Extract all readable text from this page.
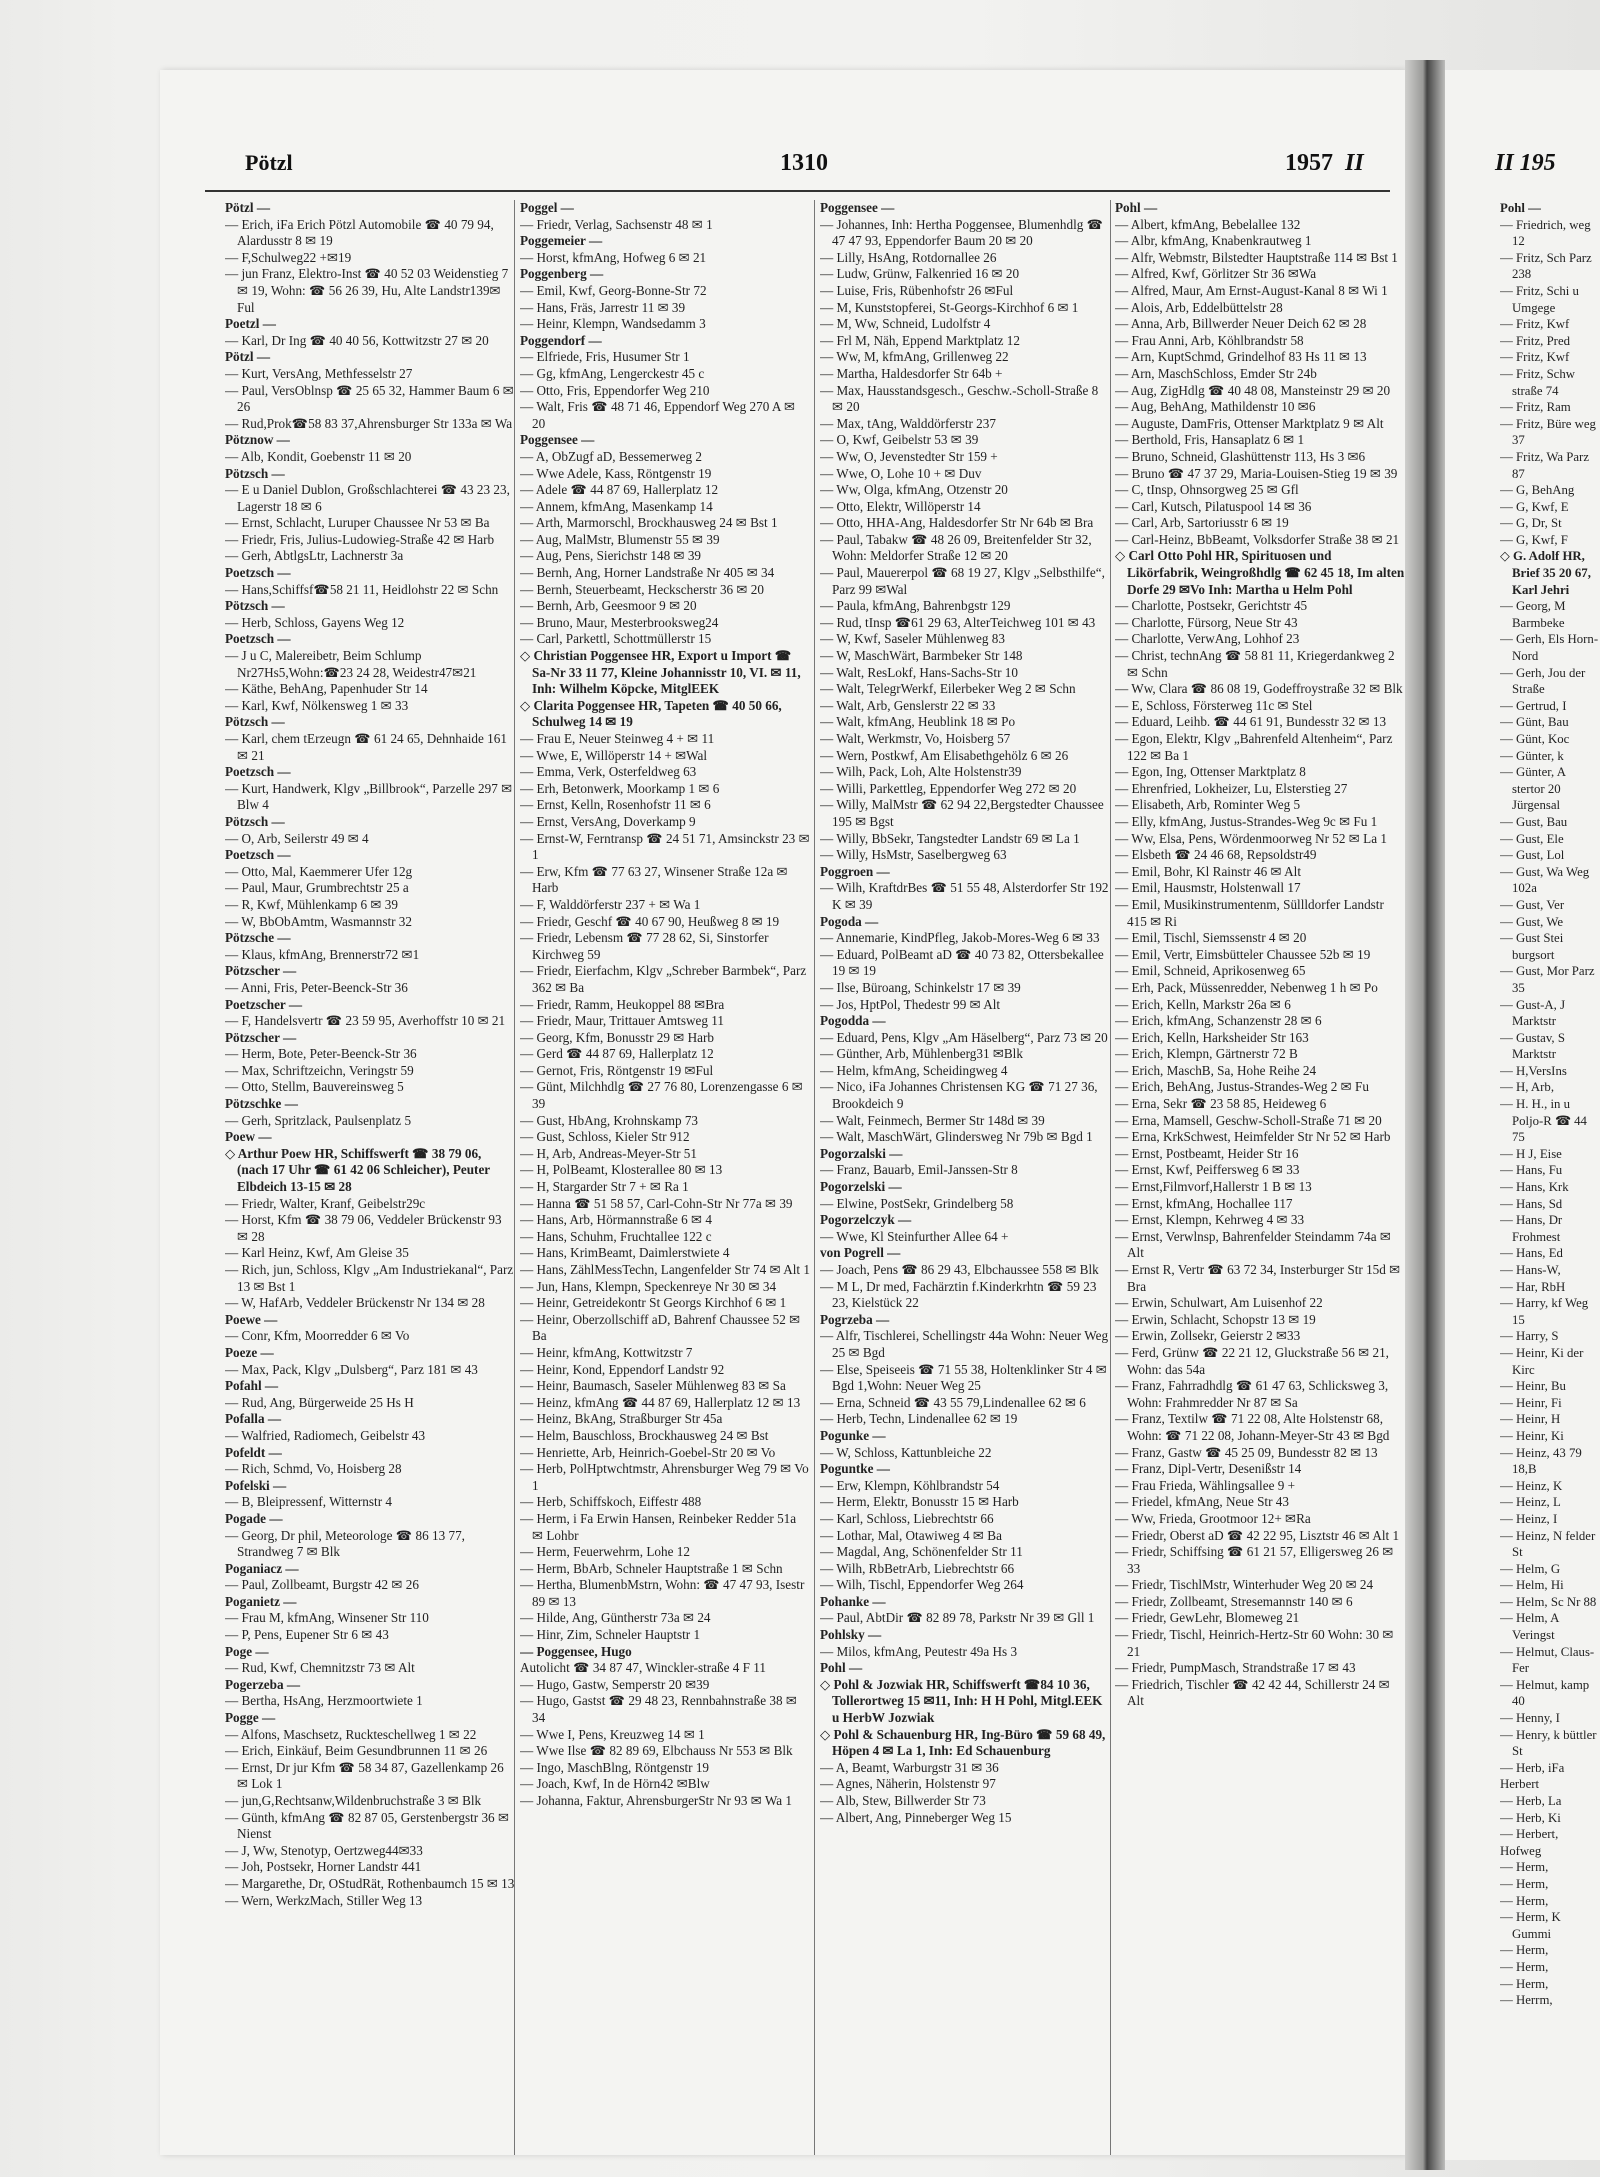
Pötzl	1310	1957 II	II 195

Pötzl —

— Erich, iFa Erich Pötzl Automobile ☎ 40 79 94, Alardusstr 8 ✉ 19

— F,Schulweg22 +✉19

— jun Franz, Elektro-Inst ☎ 40 52 03 Weidenstieg 7 ✉ 19, Wohn: ☎ 56 26 39, Hu, Alte Landstr139✉Ful

Poetzl —

— Karl, Dr Ing ☎ 40 40 56, Kottwitzstr 27 ✉ 20

Pötzl —

— Kurt, VersAng, Methfesselstr 27

— Paul, VersOblnsp ☎ 25 65 32, Hammer Baum 6 ✉ 26

— Rud,Prok☎58 83 37,Ahrensburger Str 133a ✉ Wa

Pötznow —

— Alb, Kondit, Goebenstr 11 ✉ 20

Pötzsch —

— E u Daniel Dublon, Großschlachterei ☎ 43 23 23, Lagerstr 18 ✉ 6

— Ernst, Schlacht, Luruper Chaussee Nr 53 ✉ Ba

— Friedr, Fris, Julius-Ludowieg-Straße 42 ✉ Harb

— Gerh, AbtlgsLtr, Lachnerstr 3a

Poetzsch —

— Hans,Schiffsf☎58 21 11, Heidlohstr 22 ✉ Schn

Pötzsch —

— Herb, Schloss, Gayens Weg 12

Poetzsch —

— J u C, Malereibetr, Beim Schlump Nr27Hs5,Wohn:☎23 24 28, Weidestr47✉21

— Käthe, BehAng, Papenhuder Str 14

— Karl, Kwf, Nölkensweg 1 ✉ 33

Pötzsch —

— Karl, chem tErzeugn ☎ 61 24 65, Dehnhaide 161 ✉ 21

Poetzsch —

— Kurt, Handwerk, Klgv „Billbrook“, Parzelle 297 ✉ Blw 4

Pötzsch —

— O, Arb, Seilerstr 49 ✉ 4

Poetzsch —

— Otto, Mal, Kaemmerer Ufer 12g

— Paul, Maur, Grumbrechtstr 25 a

— R, Kwf, Mühlenkamp 6 ✉ 39

— W, BbObAmtm, Wasmannstr 32

Pötzsche —

— Klaus, kfmAng, Brennerstr72 ✉1

Pötzscher —

— Anni, Fris, Peter-Beenck-Str 36

Poetzscher —

— F, Handelsvertr ☎ 23 59 95, Averhoffstr 10 ✉ 21

Pötzscher —

— Herm, Bote, Peter-Beenck-Str 36

— Max, Schriftzeichn, Veringstr 59

— Otto, Stellm, Bauvereinsweg 5

Pötzschke —

— Gerh, Spritzlack, Paulsenplatz 5

Poew —

◇ Arthur Poew HR, Schiffswerft ☎ 38 79 06, (nach 17 Uhr ☎ 61 42 06 Schleicher), Peuter Elbdeich 13-15 ✉ 28

— Friedr, Walter, Kranf, Geibelstr29c

— Horst, Kfm ☎ 38 79 06, Veddeler Brückenstr 93 ✉ 28

— Karl Heinz, Kwf, Am Gleise 35

— Rich, jun, Schloss, Klgv „Am Industriekanal“, Parz 13 ✉ Bst 1

— W, HafArb, Veddeler Brückenstr Nr 134 ✉ 28

Poewe —

— Conr, Kfm, Moorredder 6 ✉ Vo

Poeze —

— Max, Pack, Klgv „Dulsberg“, Parz 181 ✉ 43

Pofahl —

— Rud, Ang, Bürgerweide 25 Hs H

Pofalla —

— Walfried, Radiomech, Geibelstr 43

Pofeldt —

— Rich, Schmd, Vo, Hoisberg 28

Pofelski —

— B, Bleipressenf, Witternstr 4

Pogade —

— Georg, Dr phil, Meteorologe ☎ 86 13 77, Strandweg 7 ✉ Blk

Poganiacz —

— Paul, Zollbeamt, Burgstr 42 ✉ 26

Poganietz —

— Frau M, kfmAng, Winsener Str 110

— P, Pens, Eupener Str 6 ✉ 43

Poge —

— Rud, Kwf, Chemnitzstr 73 ✉ Alt

Pogerzeba —

— Bertha, HsAng, Herzmoortwiete 1

Pogge —

— Alfons, Maschsetz, Ruckteschellweg 1 ✉ 22

— Erich, Einkäuf, Beim Gesundbrunnen 11 ✉ 26

— Ernst, Dr jur Kfm ☎ 58 34 87, Gazellenkamp 26 ✉ Lok 1

— jun,G,Rechtsanw,Wildenbruchstraße 3 ✉ Blk

— Günth, kfmAng ☎ 82 87 05, Gerstenbergstr 36 ✉ Nienst

— J, Ww, Stenotyp, Oertzweg44✉33

— Joh, Postsekr, Horner Landstr 441

— Margarethe, Dr, OStudRät, Rothenbaumch 15 ✉ 13

— Wern, WerkzMach, Stiller Weg 13

Poggel —

— Friedr, Verlag, Sachsenstr 48 ✉ 1

Poggemeier —

— Horst, kfmAng, Hofweg 6 ✉ 21

Poggenberg —

— Emil, Kwf, Georg-Bonne-Str 72

— Hans, Fräs, Jarrestr 11 ✉ 39

— Heinr, Klempn, Wandsedamm 3

Poggendorf —

— Elfriede, Fris, Husumer Str 1

— Gg, kfmAng, Lengerckestr 45 c

— Otto, Fris, Eppendorfer Weg 210

— Walt, Fris ☎ 48 71 46, Eppendorf Weg 270 A ✉ 20

Poggensee —

— A, ObZugf aD, Bessemerweg 2

— Wwe Adele, Kass, Röntgenstr 19

— Adele ☎ 44 87 69, Hallerplatz 12

— Annem, kfmAng, Masenkamp 14

— Arth, Marmorschl, Brockhausweg 24 ✉ Bst 1

— Aug, MalMstr, Blumenstr 55 ✉ 39

— Aug, Pens, Sierichstr 148 ✉ 39

— Bernh, Ang, Horner Landstraße Nr 405 ✉ 34

— Bernh, Steuerbeamt, Heckscherstr 36 ✉ 20

— Bernh, Arb, Geesmoor 9 ✉ 20

— Bruno, Maur, Mesterbrooksweg24

— Carl, Parkettl, Schottmüllerstr 15

◇ Christian Poggensee HR, Export u Import ☎ Sa-Nr 33 11 77, Kleine Johannisstr 10, VI. ✉ 11, Inh: Wilhelm Köpcke, MitglEEK

◇ Clarita Poggensee HR, Tapeten ☎ 40 50 66, Schulweg 14 ✉ 19

— Frau E, Neuer Steinweg 4 + ✉ 11

— Wwe, E, Willöperstr 14 + ✉Wal

— Emma, Verk, Osterfeldweg 63

— Erh, Betonwerk, Moorkamp 1 ✉ 6

— Ernst, Kelln, Rosenhofstr 11 ✉ 6

— Ernst, VersAng, Doverkamp 9

— Ernst-W, Ferntransp ☎ 24 51 71, Amsinckstr 23 ✉ 1

— Erw, Kfm ☎ 77 63 27, Winsener Straße 12a ✉ Harb

— F, Walddörferstr 237 + ✉ Wa 1

— Friedr, Geschf ☎ 40 67 90, Heußweg 8 ✉ 19

— Friedr, Lebensm ☎ 77 28 62, Si, Sinstorfer Kirchweg 59

— Friedr, Eierfachm, Klgv „Schreber Barmbek“, Parz 362 ✉ Ba

— Friedr, Ramm, Heukoppel 88 ✉Bra

— Friedr, Maur, Trittauer Amtsweg 11

— Georg, Kfm, Bonusstr 29 ✉ Harb

— Gerd ☎ 44 87 69, Hallerplatz 12

— Gernot, Fris, Röntgenstr 19 ✉Ful

— Günt, Milchhdlg ☎ 27 76 80, Lorenzengasse 6 ✉ 39

— Gust, HbAng, Krohnskamp 73

— Gust, Schloss, Kieler Str 912

— H, Arb, Andreas-Meyer-Str 51

— H, PolBeamt, Klosterallee 80 ✉ 13

— H, Stargarder Str 7 + ✉ Ra 1

— Hanna ☎ 51 58 57, Carl-Cohn-Str Nr 77a ✉ 39

— Hans, Arb, Hörmannstraße 6 ✉ 4

— Hans, Schuhm, Fruchtallee 122 c

— Hans, KrimBeamt, Daimlerstwiete 4

— Hans, ZählMessTechn, Langenfelder Str 74 ✉ Alt 1

— Jun, Hans, Klempn, Speckenreye Nr 30 ✉ 34

— Heinr, Getreidekontr St Georgs Kirchhof 6 ✉ 1

— Heinr, Oberzollschiff aD, Bahrenf Chaussee 52 ✉ Ba

— Heinr, kfmAng, Kottwitzstr 7

— Heinr, Kond, Eppendorf Landstr 92

— Heinr, Baumasch, Saseler Mühlenweg 83 ✉ Sa

— Heinz, kfmAng ☎ 44 87 69, Hallerplatz 12 ✉ 13

— Heinz, BkAng, Straßburger Str 45a

— Helm, Bauschloss, Brockhausweg 24 ✉ Bst

— Henriette, Arb, Heinrich-Goebel-Str 20 ✉ Vo

— Herb, PolHptwchtmstr, Ahrensburger Weg 79 ✉ Vo 1

— Herb, Schiffskoch, Eiffestr 488

— Herm, i Fa Erwin Hansen, Reinbeker Redder 51a ✉ Lohbr

— Herm, Feuerwehrm, Lohe 12

— Herm, BbArb, Schneler Hauptstraße 1 ✉ Schn

— Hertha, BlumenbMstrn, Wohn: ☎ 47 47 93, Isestr 89 ✉ 13

— Hilde, Ang, Güntherstr 73a ✉ 24

— Hinr, Zim, Schneler Hauptstr 1

— Poggensee, Hugo

Autolicht ☎ 34 87 47, Winckler-straße 4 F 11

— Hugo, Gastw, Semperstr 20 ✉39

— Hugo, Gastst ☎ 29 48 23, Rennbahnstraße 38 ✉ 34

— Wwe I, Pens, Kreuzweg 14 ✉ 1

— Wwe Ilse ☎ 82 89 69, Elbchauss Nr 553 ✉ Blk

— Ingo, MaschBlng, Röntgenstr 19

— Joach, Kwf, In de Hörn42 ✉Blw

— Johanna, Faktur, AhrensburgerStr Nr 93 ✉ Wa 1

Poggensee —

— Johannes, Inh: Hertha Poggensee, Blumenhdlg ☎ 47 47 93, Eppendorfer Baum 20 ✉ 20

— Lilly, HsAng, Rotdornallee 26

— Ludw, Grünw, Falkenried 16 ✉ 20

— Luise, Fris, Rübenhofstr 26 ✉Ful

— M, Kunststopferei, St-Georgs-Kirchhof 6 ✉ 1

— M, Ww, Schneid, Ludolfstr 4

— Frl M, Näh, Eppend Marktplatz 12

— Ww, M, kfmAng, Grillenweg 22

— Martha, Haldesdorfer Str 64b +

— Max, Hausstandsgesch., Geschw.-Scholl-Straße 8 ✉ 20

— Max, tAng, Walddörferstr 237

— O, Kwf, Geibelstr 53 ✉ 39

— Ww, O, Jevenstedter Str 159 +

— Wwe, O, Lohe 10 + ✉ Duv

— Ww, Olga, kfmAng, Otzenstr 20

— Otto, Elektr, Willöperstr 14

— Otto, HHA-Ang, Haldesdorfer Str Nr 64b ✉ Bra

— Paul, Tabakw ☎ 48 26 09, Breitenfelder Str 32, Wohn: Meldorfer Straße 12 ✉ 20

— Paul, Mauererpol ☎ 68 19 27, Klgv „Selbsthilfe“, Parz 99 ✉Wal

— Paula, kfmAng, Bahrenbgstr 129

— Rud, tInsp ☎61 29 63, AlterTeichweg 101 ✉ 43

— W, Kwf, Saseler Mühlenweg 83

— W, MaschWärt, Barmbeker Str 148

— Walt, ResLokf, Hans-Sachs-Str 10

— Walt, TelegrWerkf, Eilerbeker Weg 2 ✉ Schn

— Walt, Arb, Genslerstr 22 ✉ 33

— Walt, kfmAng, Heublink 18 ✉ Po

— Walt, Werkmstr, Vo, Hoisberg 57

— Wern, Postkwf, Am Elisabethgehölz 6 ✉ 26

— Wilh, Pack, Loh, Alte Holstenstr39

— Willi, Parkettleg, Eppendorfer Weg 272 ✉ 20

— Willy, MalMstr ☎ 62 94 22,Bergstedter Chaussee 195 ✉ Bgst

— Willy, BbSekr, Tangstedter Landstr 69 ✉ La 1

— Willy, HsMstr, Saselbergweg 63

Poggroen —

— Wilh, KraftdrBes ☎ 51 55 48, Alsterdorfer Str 192 K ✉ 39

Pogoda —

— Annemarie, KindPfleg, Jakob-Mores-Weg 6 ✉ 33

— Eduard, PolBeamt aD ☎ 40 73 82, Ottersbekallee 19 ✉ 19

— Ilse, Büroang, Schinkelstr 17 ✉ 39

— Jos, HptPol, Thedestr 99 ✉ Alt

Pogodda —

— Eduard, Pens, Klgv „Am Häselberg“, Parz 73 ✉ 20

— Günther, Arb, Mühlenberg31 ✉Blk

— Helm, kfmAng, Scheidingweg 4

— Nico, iFa Johannes Christensen KG ☎ 71 27 36, Brookdeich 9

— Walt, Feinmech, Bermer Str 148d ✉ 39

— Walt, MaschWärt, Glindersweg Nr 79b ✉ Bgd 1

Pogorzalski —

— Franz, Bauarb, Emil-Janssen-Str 8

Pogorzelski —

— Elwine, PostSekr, Grindelberg 58

Pogorzelczyk —

— Wwe, Kl Steinfurther Allee 64 +

von Pogrell —

— Joach, Pens ☎ 86 29 43, Elbchaussee 558 ✉ Blk

— M L, Dr med, Fachärztin f.Kinderkrhtn ☎ 59 23 23, Kielstück 22

Pogrzeba —

— Alfr, Tischlerei, Schellingstr 44a Wohn: Neuer Weg 25 ✉ Bgd

— Else, Speiseeis ☎ 71 55 38, Holtenklinker Str 4 ✉ Bgd 1,Wohn: Neuer Weg 25

— Erna, Schneid ☎ 43 55 79,Lindenallee 62 ✉ 6

— Herb, Techn, Lindenallee 62 ✉ 19

Pogunke —

— W, Schloss, Kattunbleiche 22

Poguntke —

— Erw, Klempn, Köhlbrandstr 54

— Herm, Elektr, Bonusstr 15 ✉ Harb

— Karl, Schloss, Liebrechtstr 66

— Lothar, Mal, Otawiweg 4 ✉ Ba

— Magdal, Ang, Schönenfelder Str 11

— Wilh, RbBetrArb, Liebrechtstr 66

— Wilh, Tischl, Eppendorfer Weg 264

Pohanke —

— Paul, AbtDir ☎ 82 89 78, Parkstr Nr 39 ✉ Gll 1

Pohlsky —

— Milos, kfmAng, Peutestr 49a Hs 3

Pohl —

◇ Pohl & Jozwiak HR, Schiffswerft ☎84 10 36, Tollerortweg 15 ✉11, Inh: H H Pohl, Mitgl.EEK u HerbW Jozwiak

◇ Pohl & Schauenburg HR, Ing-Büro ☎ 59 68 49, Höpen 4 ✉ La 1, Inh: Ed Schauenburg

— A, Beamt, Warburgstr 31 ✉ 36

— Agnes, Näherin, Holstenstr 97

— Alb, Stew, Billwerder Str 73

— Albert, Ang, Pinneberger Weg 15

Pohl —

— Albert, kfmAng, Bebelallee 132

— Albr, kfmAng, Knabenkrautweg 1

— Alfr, Webmstr, Bilstedter Hauptstraße 114 ✉ Bst 1

— Alfred, Kwf, Görlitzer Str 36 ✉Wa

— Alfred, Maur, Am Ernst-August-Kanal 8 ✉ Wi 1

— Alois, Arb, Eddelbüttelstr 28

— Anna, Arb, Billwerder Neuer Deich 62 ✉ 28

— Frau Anni, Arb, Köhlbrandstr 58

— Arn, KuptSchmd, Grindelhof 83 Hs 11 ✉ 13

— Arn, MaschSchloss, Emder Str 24b

— Aug, ZigHdlg ☎ 40 48 08, Mansteinstr 29 ✉ 20

— Aug, BehAng, Mathildenstr 10 ✉6

— Auguste, DamFris, Ottenser Marktplatz 9 ✉ Alt

— Berthold, Fris, Hansaplatz 6 ✉ 1

— Bruno, Schneid, Glashüttenstr 113, Hs 3 ✉6

— Bruno ☎ 47 37 29, Maria-Louisen-Stieg 19 ✉ 39

— C, tInsp, Ohnsorgweg 25 ✉ Gfl

— Carl, Kutsch, Pilatuspool 14 ✉ 36

— Carl, Arb, Sartoriusstr 6 ✉ 19

— Carl-Heinz, BbBeamt, Volksdorfer Straße 38 ✉ 21

◇ Carl Otto Pohl HR, Spirituosen und Likörfabrik, Weingroßhdlg ☎ 62 45 18, Im alten Dorfe 29 ✉Vo Inh: Martha u Helm Pohl

— Charlotte, Postsekr, Gerichtstr 45

— Charlotte, Fürsorg, Neue Str 43

— Charlotte, VerwAng, Lohhof 23

— Christ, technAng ☎ 58 81 11, Kriegerdankweg 2 ✉ Schn

— Ww, Clara ☎ 86 08 19, Godeffroystraße 32 ✉ Blk

— E, Schloss, Försterweg 11c ✉ Stel

— Eduard, Leihb. ☎ 44 61 91, Bundesstr 32 ✉ 13

— Egon, Elektr, Klgv „Bahrenfeld Altenheim“, Parz 122 ✉ Ba 1

— Egon, Ing, Ottenser Marktplatz 8

— Ehrenfried, Lokheizer, Lu, Elsterstieg 27

— Elisabeth, Arb, Rominter Weg 5

— Elly, kfmAng, Justus-Strandes-Weg 9c ✉ Fu 1

— Ww, Elsa, Pens, Wördenmoorweg Nr 52 ✉ La 1

— Elsbeth ☎ 24 46 68, Repsoldstr49

— Emil, Bohr, Kl Rainstr 46 ✉ Alt

— Emil, Hausmstr, Holstenwall 17

— Emil, Musikinstrumentenm, Süllldorfer Landstr 415 ✉ Ri

— Emil, Tischl, Siemssenstr 4 ✉ 20

— Emil, Vertr, Eimsbütteler Chaussee 52b ✉ 19

— Emil, Schneid, Aprikosenweg 65

— Erh, Pack, Müssenredder, Nebenweg 1 h ✉ Po

— Erich, Kelln, Markstr 26a ✉ 6

— Erich, kfmAng, Schanzenstr 28 ✉ 6

— Erich, Kelln, Harksheider Str 163

— Erich, Klempn, Gärtnerstr 72 B

— Erich, MaschB, Sa, Hohe Reihe 24

— Erich, BehAng, Justus-Strandes-Weg 2 ✉ Fu

— Erna, Sekr ☎ 23 58 85, Heideweg 6

— Erna, Mamsell, Geschw-Scholl-Straße 71 ✉ 20

— Erna, KrkSchwest, Heimfelder Str Nr 52 ✉ Harb

— Ernst, Postbeamt, Heider Str 16

— Ernst, Kwf, Peiffersweg 6 ✉ 33

— Ernst,Filmvorf,Hallerstr 1 B ✉ 13

— Ernst, kfmAng, Hochallee 117

— Ernst, Klempn, Kehrweg 4 ✉ 33

— Ernst, Verwlnsp, Bahrenfelder Steindamm 74a ✉ Alt

— Ernst R, Vertr ☎ 63 72 34, Insterburger Str 15d ✉ Bra

— Erwin, Schulwart, Am Luisenhof 22

— Erwin, Schlacht, Schopstr 13 ✉ 19

— Erwin, Zollsekr, Geierstr 2 ✉33

— Ferd, Grünw ☎ 22 21 12, Gluckstraße 56 ✉ 21, Wohn: das 54a

— Franz, Fahrradhdlg ☎ 61 47 63, Schlicksweg 3, Wohn: Frahmredder Nr 87 ✉ Sa

— Franz, Textilw ☎ 71 22 08, Alte Holstenstr 68, Wohn: ☎ 71 22 08, Johann-Meyer-Str 43 ✉ Bgd

— Franz, Gastw ☎ 45 25 09, Bundesstr 82 ✉ 13

— Franz, Dipl-Vertr, Desenißstr 14

— Frau Frieda, Wählingsallee 9 +

— Friedel, kfmAng, Neue Str 43

— Ww, Frieda, Grootmoor 12+ ✉Ra

— Friedr, Oberst aD ☎ 42 22 95, Lisztstr 46 ✉ Alt 1

— Friedr, Schiffsing ☎ 61 21 57, Elligersweg 26 ✉ 33

— Friedr, TischlMstr, Winterhuder Weg 20 ✉ 24

— Friedr, Zollbeamt, Stresemannstr 140 ✉ 6

— Friedr, GewLehr, Blomeweg 21

— Friedr, Tischl, Heinrich-Hertz-Str 60 Wohn: 30 ✉ 21

— Friedr, PumpMasch, Strandstraße 17 ✉ 43

— Friedrich, Tischler ☎ 42 42 44, Schillerstr 24 ✉ Alt

Pohl —

— Friedrich, weg 12

— Fritz, Sch Parz 238

— Fritz, Schi u Umgege

— Fritz, Kwf

— Fritz, Pred

— Fritz, Kwf

— Fritz, Schw straße 74

— Fritz, Ram

— Fritz, Büre weg 37

— Fritz, Wa Parz 87

— G, BehAng

— G, Kwf, E

— G, Dr, St

— G, Kwf, F

◇ G. Adolf HR, Brief 35 20 67, Karl Jehri

— Georg, M Barmbeke

— Gerh, Els Horn-Nord

— Gerh, Jou der Straße

— Gertrud, I

— Günt, Bau

— Günt, Koc

— Günter, k

— Günter, A stertor 20 Jürgensal

— Gust, Bau

— Gust, Ele

— Gust, Lol

— Gust, Wa Weg 102a

— Gust, Ver

— Gust, We

— Gust Stei burgsort

— Gust, Mor Parz 35

— Gust-A, J Marktstr

— Gustav, S Marktstr

— H,VersIns

— H, Arb,

— H. H., in u Poljo-R ☎ 44 75

— H J, Eise

— Hans, Fu

— Hans, Krk

— Hans, Sd

— Hans, Dr Frohmest

— Hans, Ed

— Hans-W,

— Har, RbH

— Harry, kf Weg 15

— Harry, S

— Heinr, Ki der Kirc

— Heinr, Bu

— Heinr, Fi

— Heinr, H

— Heinr, Ki

— Heinz, 43 79 18,B

— Heinz, K

— Heinz, L

— Heinz, I

— Heinz, N felder St

— Helm, G

— Helm, Hi

— Helm, Sc Nr 88

— Helm, A Veringst

— Helmut, Claus-Fer

— Helmut, kamp 40

— Henny, I

— Henry, k büttler St

— Herb, iFa

Herbert

— Herb, La

— Herb, Ki

— Herbert,

Hofweg

— Herm,

— Herm,

— Herm,

— Herm, K Gummi

— Herm,

— Herm,

— Herm,

— Herrm,
